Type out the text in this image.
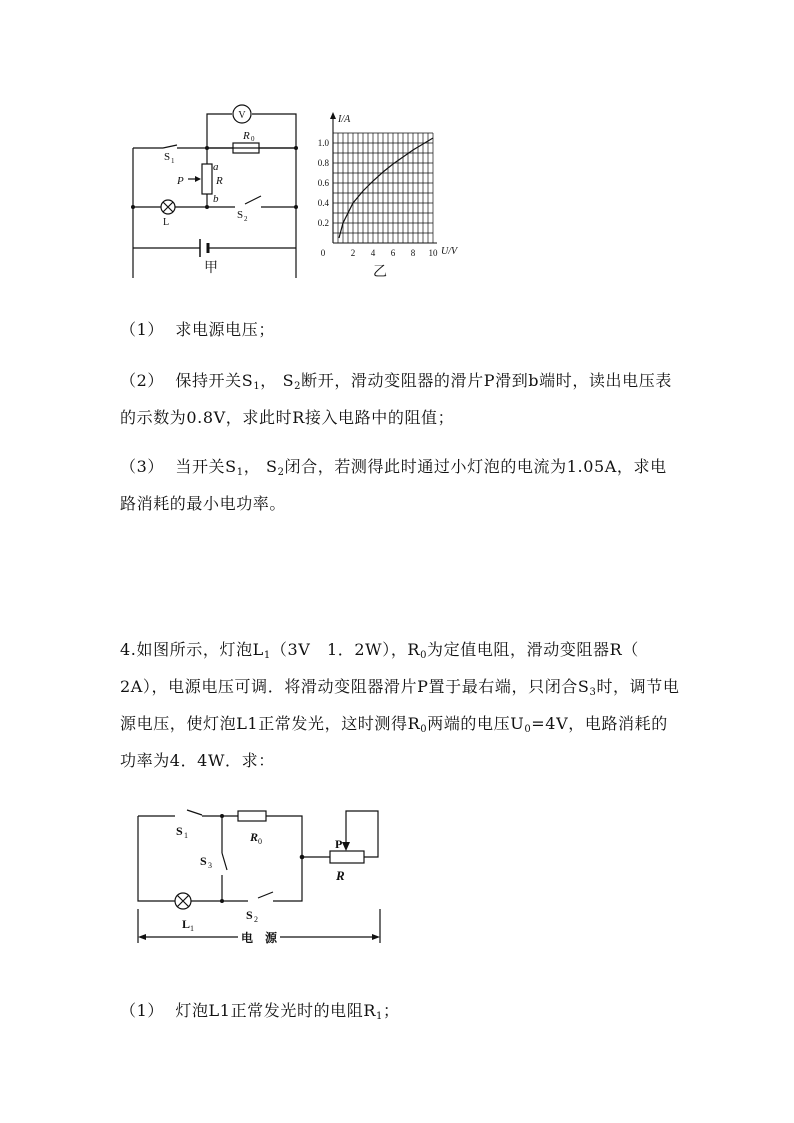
V
R 0
S 1	a
P	R
b
L
S 2
甲
0	2 4 6 8 10
0.2
0.4
0.6
0.8
1.0
I/A
U/V
乙

（1） 求电源电压；

（2） 保持开关$S_1$， $S_2$断开，滑动变阻器的滑片P滑到b端时，读出电压表的示数为0.8V，求此时R接入电路中的阻值；

（3） 当开关$S_1$， $S_2$闭合，若测得此时通过小灯泡的电流为1.05A，求电路消耗的最小电功率。

4.如图所示，灯泡$L_1(3V$　1．2W），$R_0$为定值电阻，滑动变阻器R（　　2A），电源电压可调．将滑动变阻器滑片P置于最右端，只闭合$S_3$时，调节电源电压，使灯泡L1正常发光，这时测得$R_0$两端的电压$U_0=4V$，电路消耗的功率为4．4W．求：

S 1	R 0	P
R
S 3
L 1
S 2
电　源

（1） 灯泡L1正常发光时的电阻$R_1$；
